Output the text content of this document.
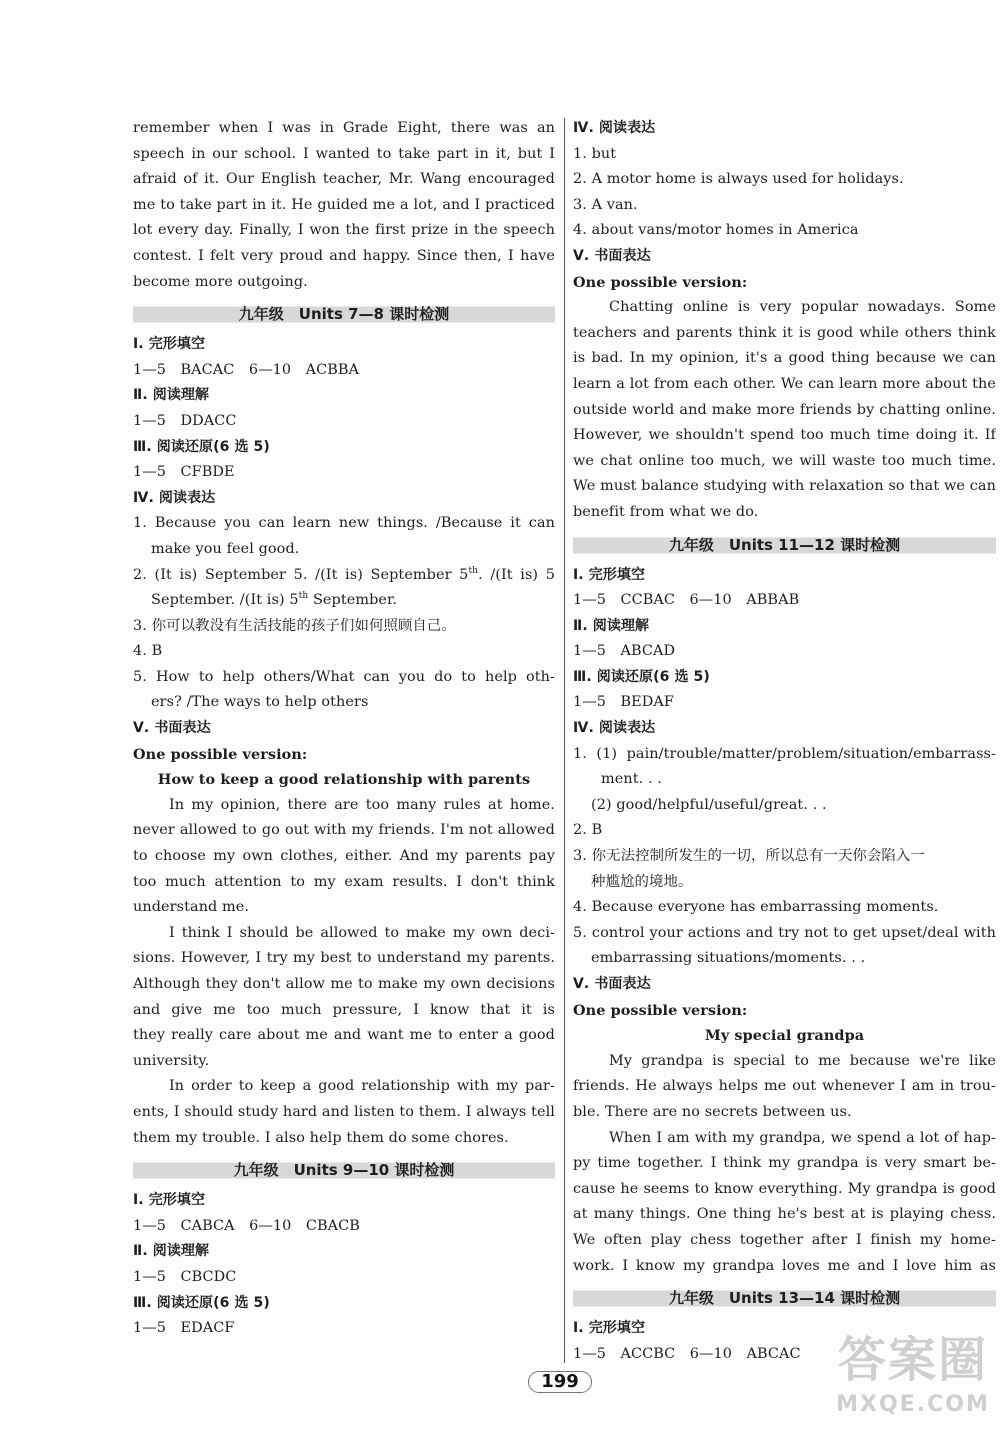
remember when I was in Grade Eight, there was an
speech in our school. I wanted to take part in it, but I
afraid of it. Our English teacher, Mr. Wang encouraged
me to take part in it. He guided me a lot, and I practiced
lot every day. Finally, I won the first prize in the speech
contest. I felt very proud and happy. Since then, I have
become more outgoing.
九年级　Units 7—8 课时检测
Ⅰ. 完形填空
1—5　BACAC　6—10　ACBBA
Ⅱ. 阅读理解
1—5　DDACC
Ⅲ. 阅读还原(6 选 5)
1—5　CFBDE
Ⅳ. 阅读表达
1. Because you can learn new things. /Because it can
make you feel good.
2. (It is) September 5. /(It is) September 5th. /(It is) 5
September. /(It is) 5th September.
3. 你可以教没有生活技能的孩子们如何照顾自己。
4. B
5. How to help others/What can you do to help oth-
ers? /The ways to help others
Ⅴ. 书面表达
One possible version:
How to keep a good relationship with parents
In my opinion, there are too many rules at home.
never allowed to go out with my friends. I'm not allowed
to choose my own clothes, either. And my parents pay
too much attention to my exam results. I don't think
understand me.
I think I should be allowed to make my own deci-
sions. However, I try my best to understand my parents.
Although they don't allow me to make my own decisions
and give me too much pressure, I know that it is
they really care about me and want me to enter a good
university.
In order to keep a good relationship with my par-
ents, I should study hard and listen to them. I always tell
them my trouble. I also help them do some chores.
九年级　Units 9—10 课时检测
Ⅰ. 完形填空
1—5　CABCA　6—10　CBACB
Ⅱ. 阅读理解
1—5　CBCDC
Ⅲ. 阅读还原(6 选 5)
1—5　EDACF
Ⅳ. 阅读表达
1. but
2. A motor home is always used for holidays.
3. A van.
4. about vans/motor homes in America
Ⅴ. 书面表达
One possible version:
Chatting online is very popular nowadays. Some
teachers and parents think it is good while others think
is bad. In my opinion, it's a good thing because we can
learn a lot from each other. We can learn more about the
outside world and make more friends by chatting online.
However, we shouldn't spend too much time doing it. If
we chat online too much, we will waste too much time.
We must balance studying with relaxation so that we can
benefit from what we do.
九年级　Units 11—12 课时检测
Ⅰ. 完形填空
1—5　CCBAC　6—10　ABBAB
Ⅱ. 阅读理解
1—5　ABCAD
Ⅲ. 阅读还原(6 选 5)
1—5　BEDAF
Ⅳ. 阅读表达
1. (1) pain/trouble/matter/problem/situation/embarrass-
ment. . .
(2) good/helpful/useful/great. . .
2. B
3. 你无法控制所发生的一切，所以总有一天你会陷入一
种尴尬的境地。
4. Because everyone has embarrassing moments.
5. control your actions and try not to get upset/deal with
embarrassing situations/moments. . .
Ⅴ. 书面表达
One possible version:
My special grandpa
My grandpa is special to me because we're like
friends. He always helps me out whenever I am in trou-
ble. There are no secrets between us.
When I am with my grandpa, we spend a lot of hap-
py time together. I think my grandpa is very smart be-
cause he seems to know everything. My grandpa is good
at many things. One thing he's best at is playing chess.
We often play chess together after I finish my home-
work. I know my grandpa loves me and I love him as
九年级　Units 13—14 课时检测
Ⅰ. 完形填空
1—5　ACCBC　6—10　ABCAC
199	答案圈
MXQE.COM
